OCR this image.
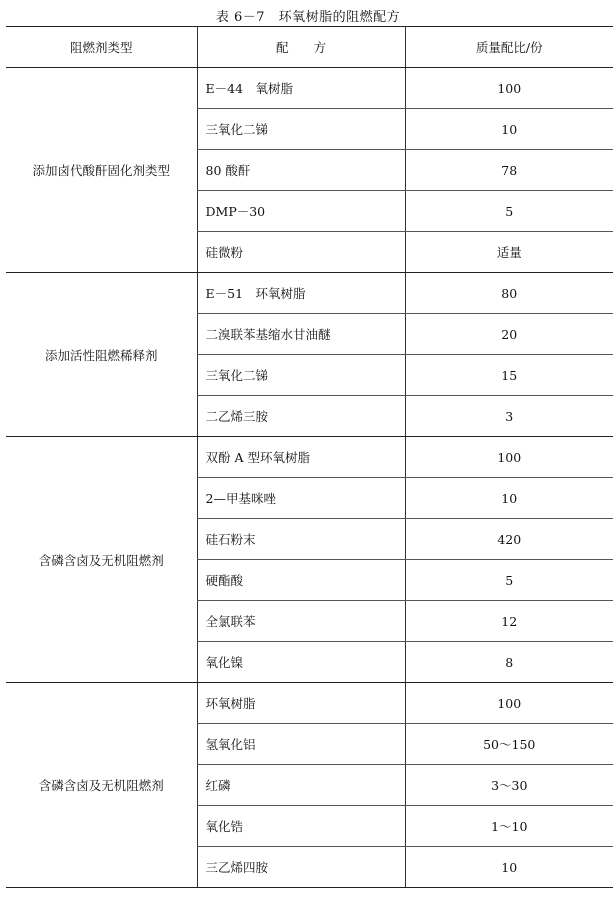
表 6－7　环氧树脂的阻燃配方
阻燃剂类型	配　　方	质量配比/份
添加卤代酸酐固化剂类型	E－44　氧树脂	100
	三氧化二锑	10
	80 酸酐	78
	DMP－30	5
	硅微粉	适量
添加活性阻燃稀释剂	E－51　环氧树脂	80
	二溴联苯基缩水甘油醚	20
	三氧化二锑	15
	二乙烯三胺	3
含磷含卤及无机阻燃剂	双酚 A 型环氧树脂	100
	2—甲基咪唑	10
	硅石粉末	420
	硬酯酸	5
	全氯联苯	12
	氧化镍	8
含磷含卤及无机阻燃剂	环氧树脂	100
	氢氧化铝	50～150
	红磷	3～30
	氧化锆	1～10
	三乙烯四胺	10
